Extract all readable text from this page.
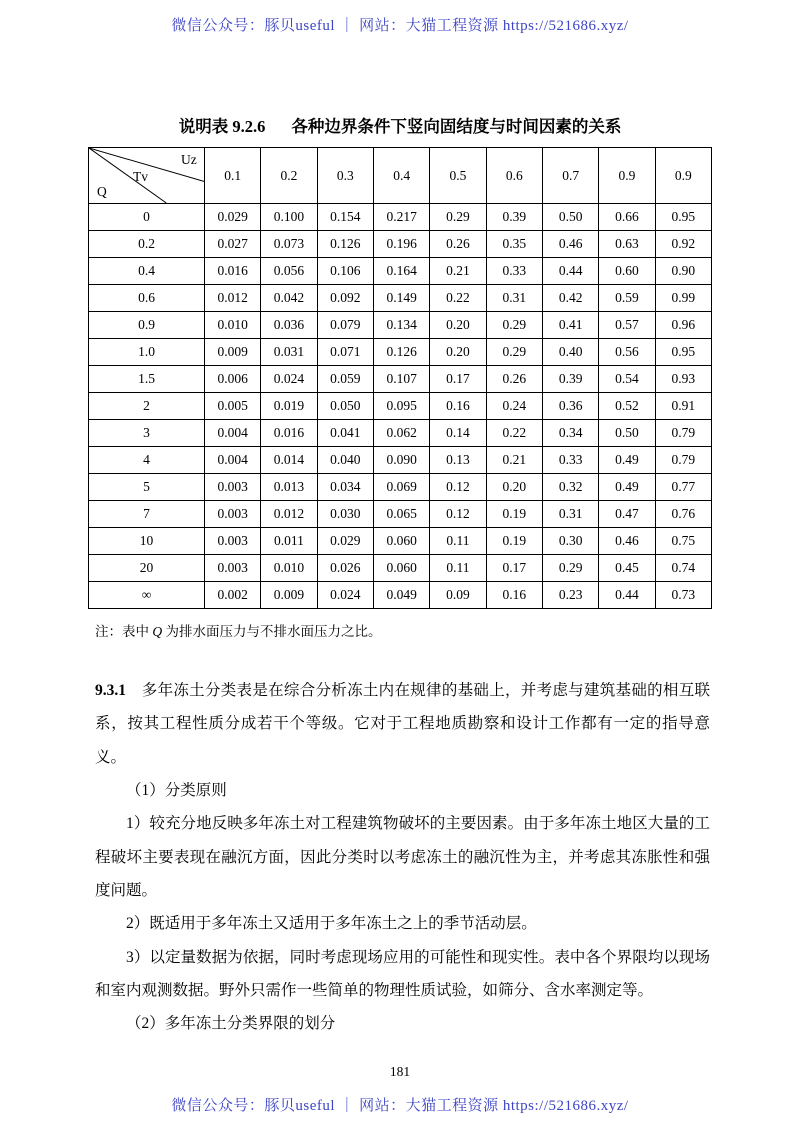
微信公众号：豚贝useful ｜ 网站：大猫工程资源 https://521686.xyz/
说明表 9.2.6 各种边界条件下竖向固结度与时间因素的关系
Uz
Tv
Q	0.1	0.2	0.3	0.4	0.5	0.6	0.7	0.9	0.9
0	0.029	0.100	0.154	0.217	0.29	0.39	0.50	0.66	0.95
0.2	0.027	0.073	0.126	0.196	0.26	0.35	0.46	0.63	0.92
0.4	0.016	0.056	0.106	0.164	0.21	0.33	0.44	0.60	0.90
0.6	0.012	0.042	0.092	0.149	0.22	0.31	0.42	0.59	0.99
0.9	0.010	0.036	0.079	0.134	0.20	0.29	0.41	0.57	0.96
1.0	0.009	0.031	0.071	0.126	0.20	0.29	0.40	0.56	0.95
1.5	0.006	0.024	0.059	0.107	0.17	0.26	0.39	0.54	0.93
2	0.005	0.019	0.050	0.095	0.16	0.24	0.36	0.52	0.91
3	0.004	0.016	0.041	0.062	0.14	0.22	0.34	0.50	0.79
4	0.004	0.014	0.040	0.090	0.13	0.21	0.33	0.49	0.79
5	0.003	0.013	0.034	0.069	0.12	0.20	0.32	0.49	0.77
7	0.003	0.012	0.030	0.065	0.12	0.19	0.31	0.47	0.76
10	0.003	0.011	0.029	0.060	0.11	0.19	0.30	0.46	0.75
20	0.003	0.010	0.026	0.060	0.11	0.17	0.29	0.45	0.74
∞	0.002	0.009	0.024	0.049	0.09	0.16	0.23	0.44	0.73
注：表中 Q 为排水面压力与不排水面压力之比。

9.3.1 多年冻土分类表是在综合分析冻土内在规律的基础上，并考虑与建筑基础的相互联系，按其工程性质分成若干个等级。它对于工程地质勘察和设计工作都有一定的指导意义。

（1）分类原则

1）较充分地反映多年冻土对工程建筑物破坏的主要因素。由于多年冻土地区大量的工程破坏主要表现在融沉方面，因此分类时以考虑冻土的融沉性为主，并考虑其冻胀性和强度问题。

2）既适用于多年冻土又适用于多年冻土之上的季节活动层。

3）以定量数据为依据，同时考虑现场应用的可能性和现实性。表中各个界限均以现场和室内观测数据。野外只需作一些简单的物理性质试验，如筛分、含水率测定等。

（2）多年冻土分类界限的划分

181
微信公众号：豚贝useful ｜ 网站：大猫工程资源 https://521686.xyz/
